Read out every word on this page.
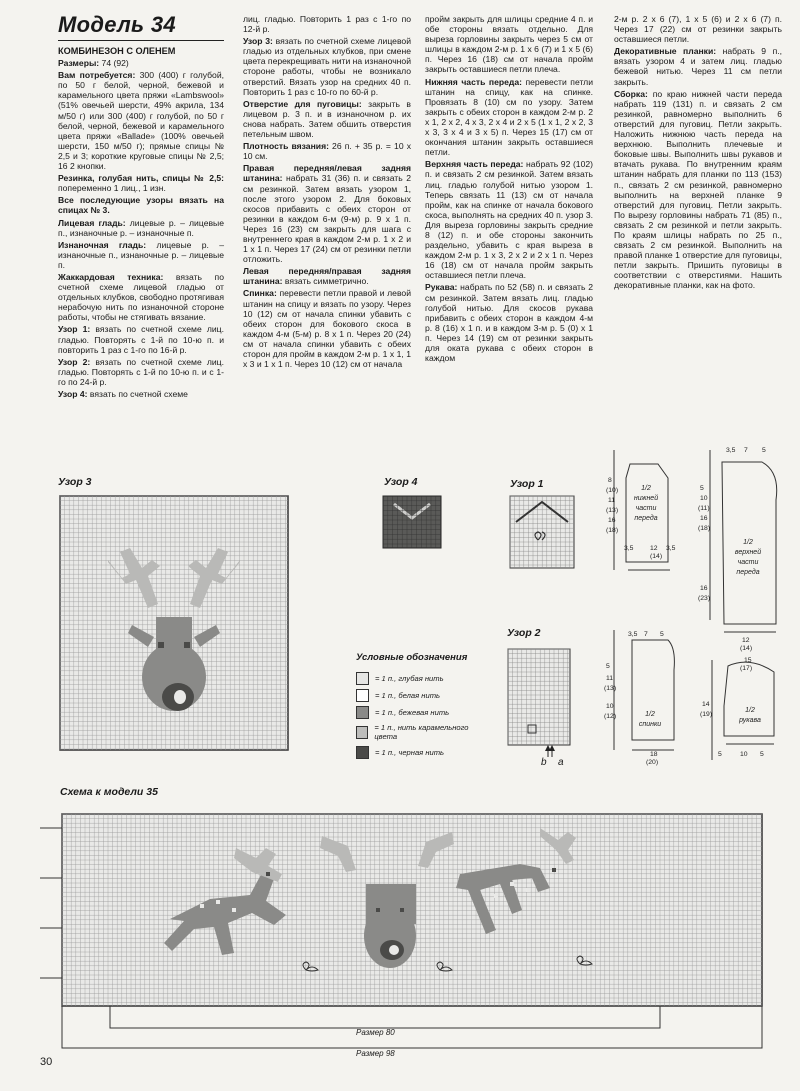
Модель 34

КОМБИНЕЗОН С ОЛЕНЕМ

Размеры: 74 (92)

Вам потребуется: 300 (400) г голубой, по 50 г белой, черной, бежевой и карамельного цвета пряжи «Lambswool» (51% овечьей шерсти, 49% акрила, 134 м/50 г) или 300 (400) г голубой, по 50 г белой, черной, бежевой и карамельного цвета пряжи «Ballade» (100% овечьей шерсти, 150 м/50 г); прямые спицы № 2,5 и 3; короткие круговые спицы № 2,5; 16 2 кнопки.

Резинка, голубая нить, спицы № 2,5: попеременно 1 лиц., 1 изн.

Все последующие узоры вязать на спицах № 3.

Лицевая гладь: лицевые р. – лицевые п., изнаночные р. – изнаночные п.

Изнаночная гладь: лицевые р. – изнаночные п., изнаночные р. – лицевые п.

Жаккардовая техника: вязать по счетной схеме лицевой гладью от отдельных клубков, свободно протягивая нерабочую нить по изнаночной стороне работы, чтобы не стягивать вязание.

Узор 1: вязать по счетной схеме лиц. гладью. Повторять с 1-й по 10-ю п. и повторить 1 раз с 1-го по 16-й р.

Узор 2: вязать по счетной схеме лиц. гладью. Повторять с 1-й по 10-ю п. и с 1-го по 24-й р.

Узор 4: вязать по счетной схеме

лиц. гладью. Повторить 1 раз с 1-го по 12-й р.

Узор 3: вязать по счетной схеме лицевой гладью из отдельных клубков, при смене цвета перекрещивать нити на изнаночной стороне работы, чтобы не возникало отверстий. Вязать узор на средних 40 п. Повторить 1 раз с 10-го по 60-й р.

Отверстие для пуговицы: закрыть в лицевом р. 3 п. и в изнаночном р. их снова набрать. Затем обшить отверстия петельным швом.

Плотность вязания: 26 п. + 35 р. = 10 х 10 см.

Правая передняя/левая задняя штанина: набрать 31 (36) п. и связать 2 см резинкой. Затем вязать узором 1, после этого узором 2. Для боковых скосов прибавить с обеих сторон от резинки в каждом 6-м (9-м) р. 9 х 1 п. Через 16 (23) см закрыть для шага с внутреннего края в каждом 2-м р. 1 х 2 и 1 х 1 п. Через 17 (24) см от резинки петли отложить.

Левая передняя/правая задняя штанина: вязать симметрично.

Спинка: перевести петли правой и левой штанин на спицу и вязать по узору. Через 10 (12) см от начала спинки убавить с обеих сторон для бокового скоса в каждом 4-м (5-м) р. 8 х 1 п. Через 20 (24) см от начала спинки убавить с обеих сторон для пройм в каждом 2-м р. 1 х 1, 1 х 3 и 1 х 1 п. Через 10 (12) см от начала

пройм закрыть для шлицы средние 4 п. и обе стороны вязать отдельно. Для выреза горловины закрыть через 5 см от шлицы в каждом 2-м р. 1 х 6 (7) и 1 х 5 (6) п. Через 16 (18) см от начала пройм закрыть оставшиеся петли плеча.

Нижняя часть переда: перевести петли штанин на спицу, как на спинке. Провязать 8 (10) см по узору. Затем закрыть с обеих сторон в каждом 2-м р. 2 х 1, 2 х 2, 4 х 3, 2 х 4 и 2 х 5 (1 х 1, 2 х 2, 3 х 3, 3 х 4 и 3 х 5) п. Через 15 (17) см от окончания штанин закрыть оставшиеся петли.

Верхняя часть переда: набрать 92 (102) п. и связать 2 см резинкой. Затем вязать лиц. гладью голубой нитью узором 1. Теперь связать 11 (13) см от начала пройм, как на спинке от начала бокового скоса, выполнять на средних 40 п. узор 3. Для выреза горловины закрыть средние 8 (12) п. и обе стороны закончить раздельно, убавить с края выреза в каждом 2-м р. 1 х 3, 2 х 2 и 2 х 1 п. Через 16 (18) см от начала пройм закрыть оставшиеся петли плеча.

Рукава: набрать по 52 (58) п. и связать 2 см резинкой. Затем вязать лиц. гладью голубой нитью. Для скосов рукава прибавить с обеих сторон в каждом 4-м р. 8 (16) х 1 п. и в каждом 3-м р. 5 (0) х 1 п. Через 14 (19) см от резинки закрыть для оката рукава с обеих сторон в каждом

2-м р. 2 х 6 (7), 1 х 5 (6) и 2 х 6 (7) п. Через 17 (22) см от резинки закрыть оставшиеся петли.

Декоративные планки: набрать 9 п., вязать узором 4 и затем лиц. гладью бежевой нитью. Через 11 см петли закрыть.

Сборка: по краю нижней части переда набрать 119 (131) п. и связать 2 см резинкой, равномерно выполнить 6 отверстий для пуговиц. Петли закрыть. Наложить нижнюю часть переда на верхнюю. Выполнить плечевые и боковые швы. Выполнить швы рукавов и втачать рукава. По внутренним краям штанин набрать для планки по 113 (153) п., связать 2 см резинкой, равномерно выполнить на верхней планке 9 отверстий для пуговиц. Петли закрыть. По вырезу горловины набрать 71 (85) п., связать 2 см резинкой и петли закрыть. По краям шлицы набрать по 25 п., связать 2 см резинкой. Выполнить на правой планке 1 отверстие для пуговицы, петли закрыть. Пришить пуговицы в соответствии с отверстиями. Нашить декоративные планки, как на фото.

Узор 3	Узор 4	Узор 1
Узор 2
Схема к модели 35
b a
Условные обозначения
= 1 п., глубая нить
= 1 п., белая нить
= 1 п., бежевая нить
= 1 п., нить карамельного цвета
= 1 п., черная нить
8
(10)
11
(13)
16
(18)
3,5 12 3,5
(14)
3,5 7 5
5
10
(11)
16
(18)
16
(23)
12
(14)
3,5 7 5
5
11
(13)
10
(12)
18
(20)
15
(17)
14
(19)
5	10 5
1/2
нижней
части
переда
1/2
верхней
части
переда
1/2
спинки
1/2
рукава
Размер 80
Размер 98
30
